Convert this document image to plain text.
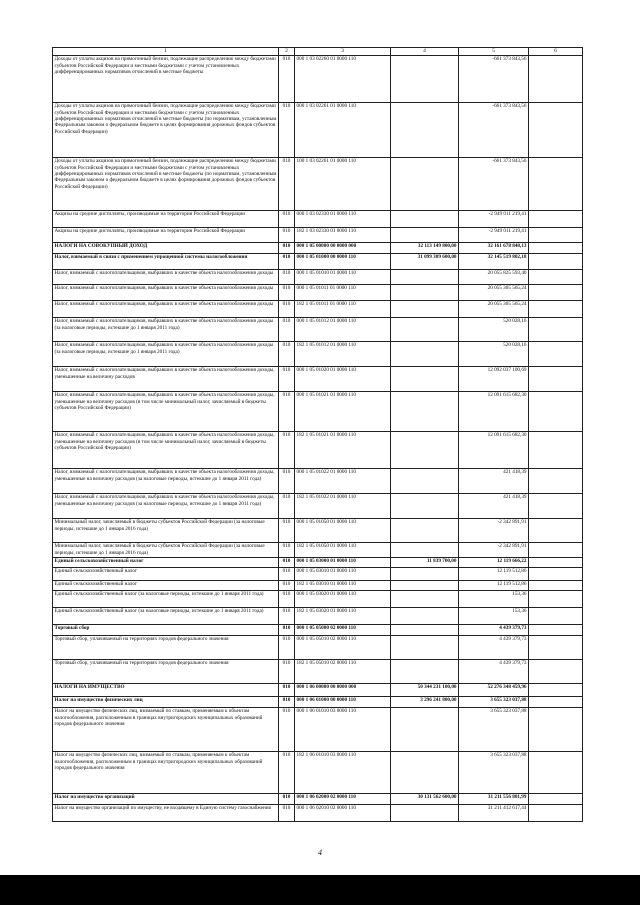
1	2	3	4	5	6
Доходы от уплаты акцизов на прямогонный бензин, подлежащие распределению между бюджетами субъектов Российской Федерации и местными бюджетами с учетом установленных дифференцированных нормативов отчислений в местные бюджеты	010	000 1 03 02260 01 0000 110		-661 373 843,56	
Доходы от уплаты акцизов на прямогонный бензин, подлежащие распределению между бюджетами субъектов Российской Федерации и местными бюджетами с учетом установленных дифференцированных нормативов отчислений в местные бюджеты (по нормативам, установленным Федеральным законом о федеральном бюджете в целях формирования дорожных фондов субъектов Российской Федерации)	010	000 1 03 02261 01 0000 110		-661 373 843,56	
Доходы от уплаты акцизов на прямогонный бензин, подлежащие распределению между бюджетами субъектов Российской Федерации и местными бюджетами с учетом установленных дифференцированных нормативов отчислений в местные бюджеты (по нормативам, установленным Федеральным законом о федеральном бюджете в целях формирования дорожных фондов субъектов Российской Федерации)	010	100 1 03 02261 01 0000 110		-661 373 843,56	
Акцизы на средние дистилляты, производимые на территории Российской Федерации	010	000 1 03 02330 01 0000 110		-2 949 011 219,41	
Акцизы на средние дистилляты, производимые на территории Российской Федерации	010	182 1 03 02330 01 0000 110		-2 949 011 219,41	
НАЛОГИ НА СОВОКУПНЫЙ ДОХОД	010	000 1 05 00000 00 0000 000	32 113 149 800,00	32 161 678 848,13	
Налог, взимаемый в связи с применением упрощенной системы налогообложения	010	000 1 05 01000 00 0000 110	31 099 309 600,00	32 145 519 802,18	
Налог, взимаемый с налогоплательщиков, выбравших в качестве объекта налогообложения доходы	010	000 1 05 01010 01 0000 110		20 055 825 593,40	
Налог, взимаемый с налогоплательщиков, выбравших в качестве объекта налогообложения доходы	010	000 1 05 01011 01 0000 110		20 055 305 565,24	
Налог, взимаемый с налогоплательщиков, выбравших в качестве объекта налогообложения доходы	010	182 1 05 01011 01 0000 110		20 055 305 565,24	
Налог, взимаемый с налогоплательщиков, выбравших в качестве объекта налогообложения доходы (за налоговые периоды, истекшие до 1 января 2011 года)	010	000 1 05 01012 01 0000 110		520 028,16	
Налог, взимаемый с налогоплательщиков, выбравших в качестве объекта налогообложения доходы (за налоговые периоды, истекшие до 1 января 2011 года)	010	182 1 05 01012 01 0000 110		520 028,16	
Налог, взимаемый с налогоплательщиков, выбравших в качестве объекта налогообложения доходы, уменьшенные на величину расходов	010	000 1 05 01020 01 0000 110		12 092 037 100,69	
Налог, взимаемый с налогоплательщиков, выбравших в качестве объекта налогообложения доходы, уменьшенные на величину расходов (в том числе минимальный налог, зачисляемый в бюджеты субъектов Российской Федерации)	010	000 1 05 01021 01 0000 110		12 091 615 682,30	
Налог, взимаемый с налогоплательщиков, выбравших в качестве объекта налогообложения доходы, уменьшенные на величину расходов (в том числе минимальный налог, зачисляемый в бюджеты субъектов Российской Федерации)	010	182 1 05 01021 01 0000 110		12 091 615 682,30	
Налог, взимаемый с налогоплательщиков, выбравших в качестве объекта налогообложения доходы, уменьшенные на величину расходов (за налоговые периоды, истекшие до 1 января 2011 года)	010	000 1 05 01022 01 0000 110		421 418,39	
Налог, взимаемый с налогоплательщиков, выбравших в качестве объекта налогообложения доходы, уменьшенные на величину расходов (за налоговые периоды, истекшие до 1 января 2011 года)	010	182 1 05 01022 01 0000 110		421 418,39	
Минимальный налог, зачисляемый в бюджеты субъектов Российской Федерации (за налоговые периоды, истекшие до 1 января 2016 года)	010	000 1 05 01050 01 0000 110		-2 342 891,91	
Минимальный налог, зачисляемый в бюджеты субъектов Российской Федерации (за налоговые периоды, истекшие до 1 января 2016 года)	010	182 1 05 01050 01 0000 110		-2 342 891,91	
Единый сельскохозяйственный налог	010	000 1 05 03000 01 0000 110	11 839 700,00	12 119 666,22	
Единый сельскохозяйственный налог	010	000 1 05 03010 01 0000 110		12 119 512,86	
Единый сельскохозяйственный налог	010	182 1 05 03010 01 0000 110		12 119 512,86	
Единый сельскохозяйственный налог (за налоговые периоды, истекшие до 1 января 2011 года)	010	000 1 05 03020 01 0000 110		153,36	
Единый сельскохозяйственный налог (за налоговые периоды, истекшие до 1 января 2011 года)	010	182 1 05 03020 01 0000 110		153,36	
Торговый сбор	010	000 1 05 05000 02 0000 110		4 439 379,73	
Торговый сбор, уплачиваемый на территориях городов федерального значения	010	000 1 05 05010 02 0000 110		4 439 379,73	
Торговый сбор, уплачиваемый на территориях городов федерального значения	010	182 1 05 05010 02 0000 110		4 439 379,73	
НАЛОГИ НА ИМУЩЕСТВО	010	000 1 06 00000 00 0000 000	50 344 231 100,00	52 276 348 459,96	
Налог на имущество физических лиц	010	000 1 06 01000 00 0000 110	3 296 241 800,00	3 655 323 037,88	
Налог на имущество физических лиц, взимаемый по ставкам, применяемым к объектам налогообложения, расположенным в границах внутригородских муниципальных образований городов федерального значения	010	000 1 06 01010 03 0000 110		3 655 323 037,88	
Налог на имущество физических лиц, взимаемый по ставкам, применяемым к объектам налогообложения, расположенным в границах внутригородских муниципальных образований городов федерального значения	010	182 1 06 01010 03 0000 110		3 655 323 037,88	
Налог на имущество организаций	010	000 1 06 02000 02 0000 110	30 131 562 600,00	31 211 556 801,99	
Налог на имущество организаций по имуществу, не входящему в Единую систему газоснабжения	010	000 1 06 02010 02 0000 110		31 211 412 617,44	
4
